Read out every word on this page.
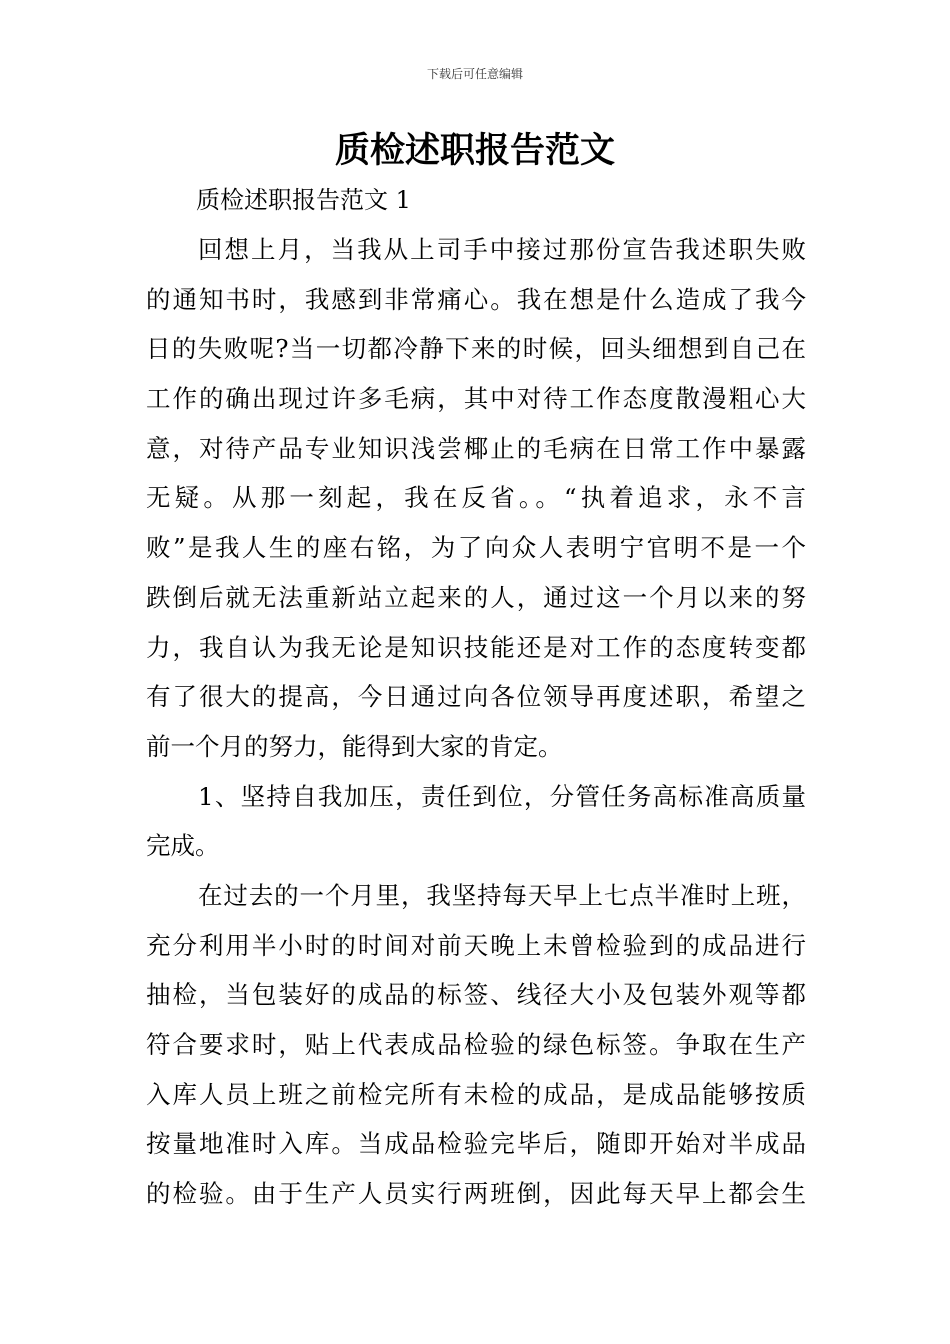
下载后可任意编辑
质检述职报告范文

质检述职报告范文 1

回想上月，当我从上司手中接过那份宣告我述职失败
的通知书时，我感到非常痛心。我在想是什么造成了我今
日的失败呢?当一切都冷静下来的时候，回头细想到自己在
工作的确出现过许多毛病，其中对待工作态度散漫粗心大
意，对待产品专业知识浅尝椰止的毛病在日常工作中暴露
无疑。从那一刻起，我在反省。。“执着追求，永不言
败”是我人生的座右铭，为了向众人表明宁官明不是一个
跌倒后就无法重新站立起来的人，通过这一个月以来的努
力，我自认为我无论是知识技能还是对工作的态度转变都
有了很大的提高，今日通过向各位领导再度述职，希望之
前一个月的努力，能得到大家的肯定。
1、坚持自我加压，责任到位，分管任务高标准高质量
完成。
在过去的一个月里，我坚持每天早上七点半准时上班，
充分利用半小时的时间对前天晚上未曾检验到的成品进行
抽检，当包装好的成品的标签、线径大小及包装外观等都
符合要求时，贴上代表成品检验的绿色标签。争取在生产
入库人员上班之前检完所有未检的成品，是成品能够按质
按量地准时入库。当成品检验完毕后，随即开始对半成品
的检验。由于生产人员实行两班倒，因此每天早上都会生
